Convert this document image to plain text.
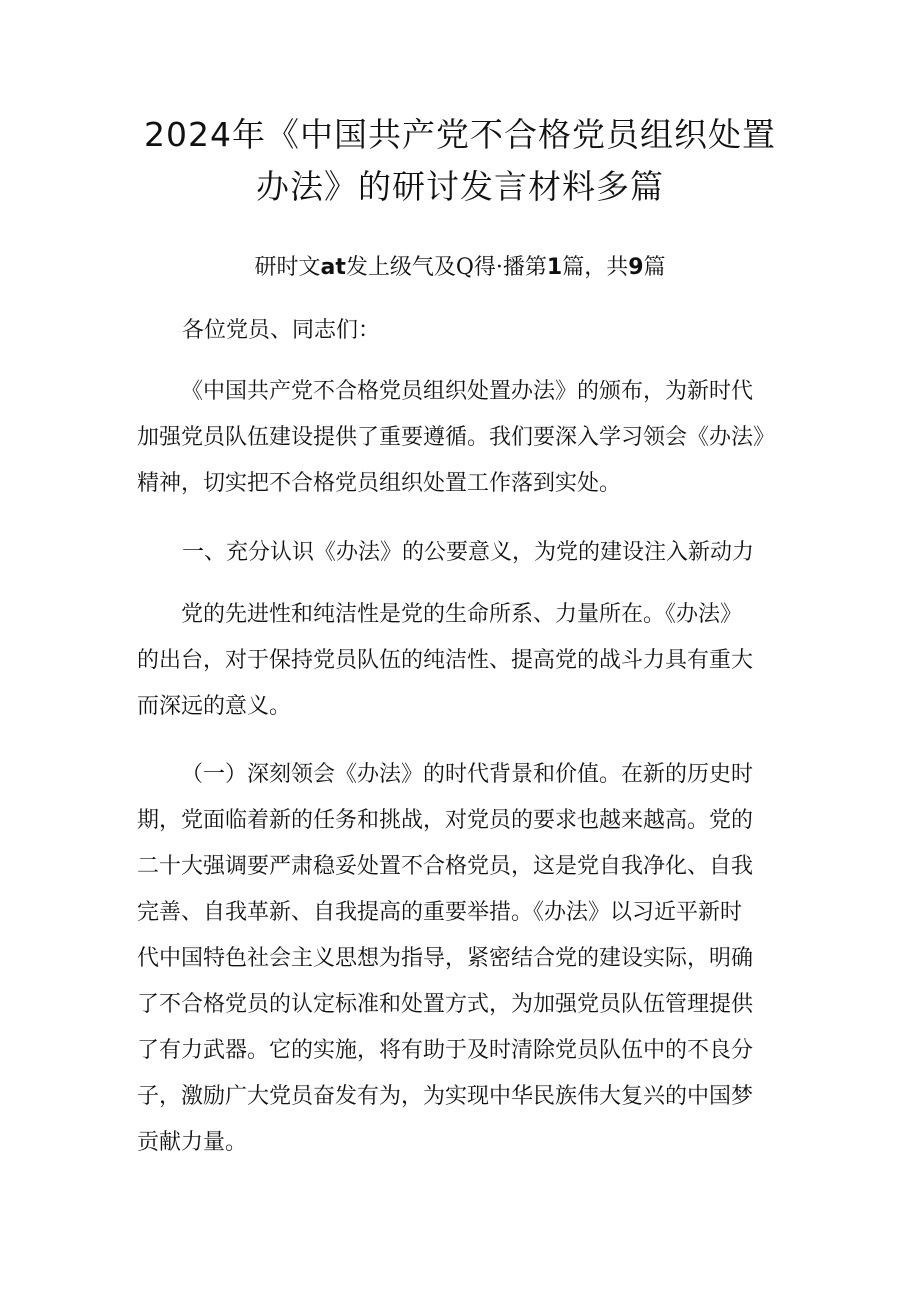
2024年《中国共产党不合格党员组织处置
办法》的研讨发言材料多篇
研时文at发上级气及Q得·播第1篇，共9篇
各位党员、同志们：
《中国共产党不合格党员组织处置办法》的颁布，为新时代
加强党员队伍建设提供了重要遵循。我们要深入学习领会《办法》
精神，切实把不合格党员组织处置工作落到实处。
一、充分认识《办法》的公要意义，为党的建设注入新动力
党的先进性和纯洁性是党的生命所系、力量所在。《办法》
的出台，对于保持党员队伍的纯洁性、提高党的战斗力具有重大
而深远的意义。
（一）深刻领会《办法》的时代背景和价值。在新的历史时
期，党面临着新的任务和挑战，对党员的要求也越来越高。党的
二十大强调要严肃稳妥处置不合格党员，这是党自我净化、自我
完善、自我革新、自我提高的重要举措。《办法》以习近平新时
代中国特色社会主义思想为指导，紧密结合党的建设实际，明确
了不合格党员的认定标准和处置方式，为加强党员队伍管理提供
了有力武器。它的实施，将有助于及时清除党员队伍中的不良分
子，激励广大党员奋发有为，为实现中华民族伟大复兴的中国梦
贡献力量。
